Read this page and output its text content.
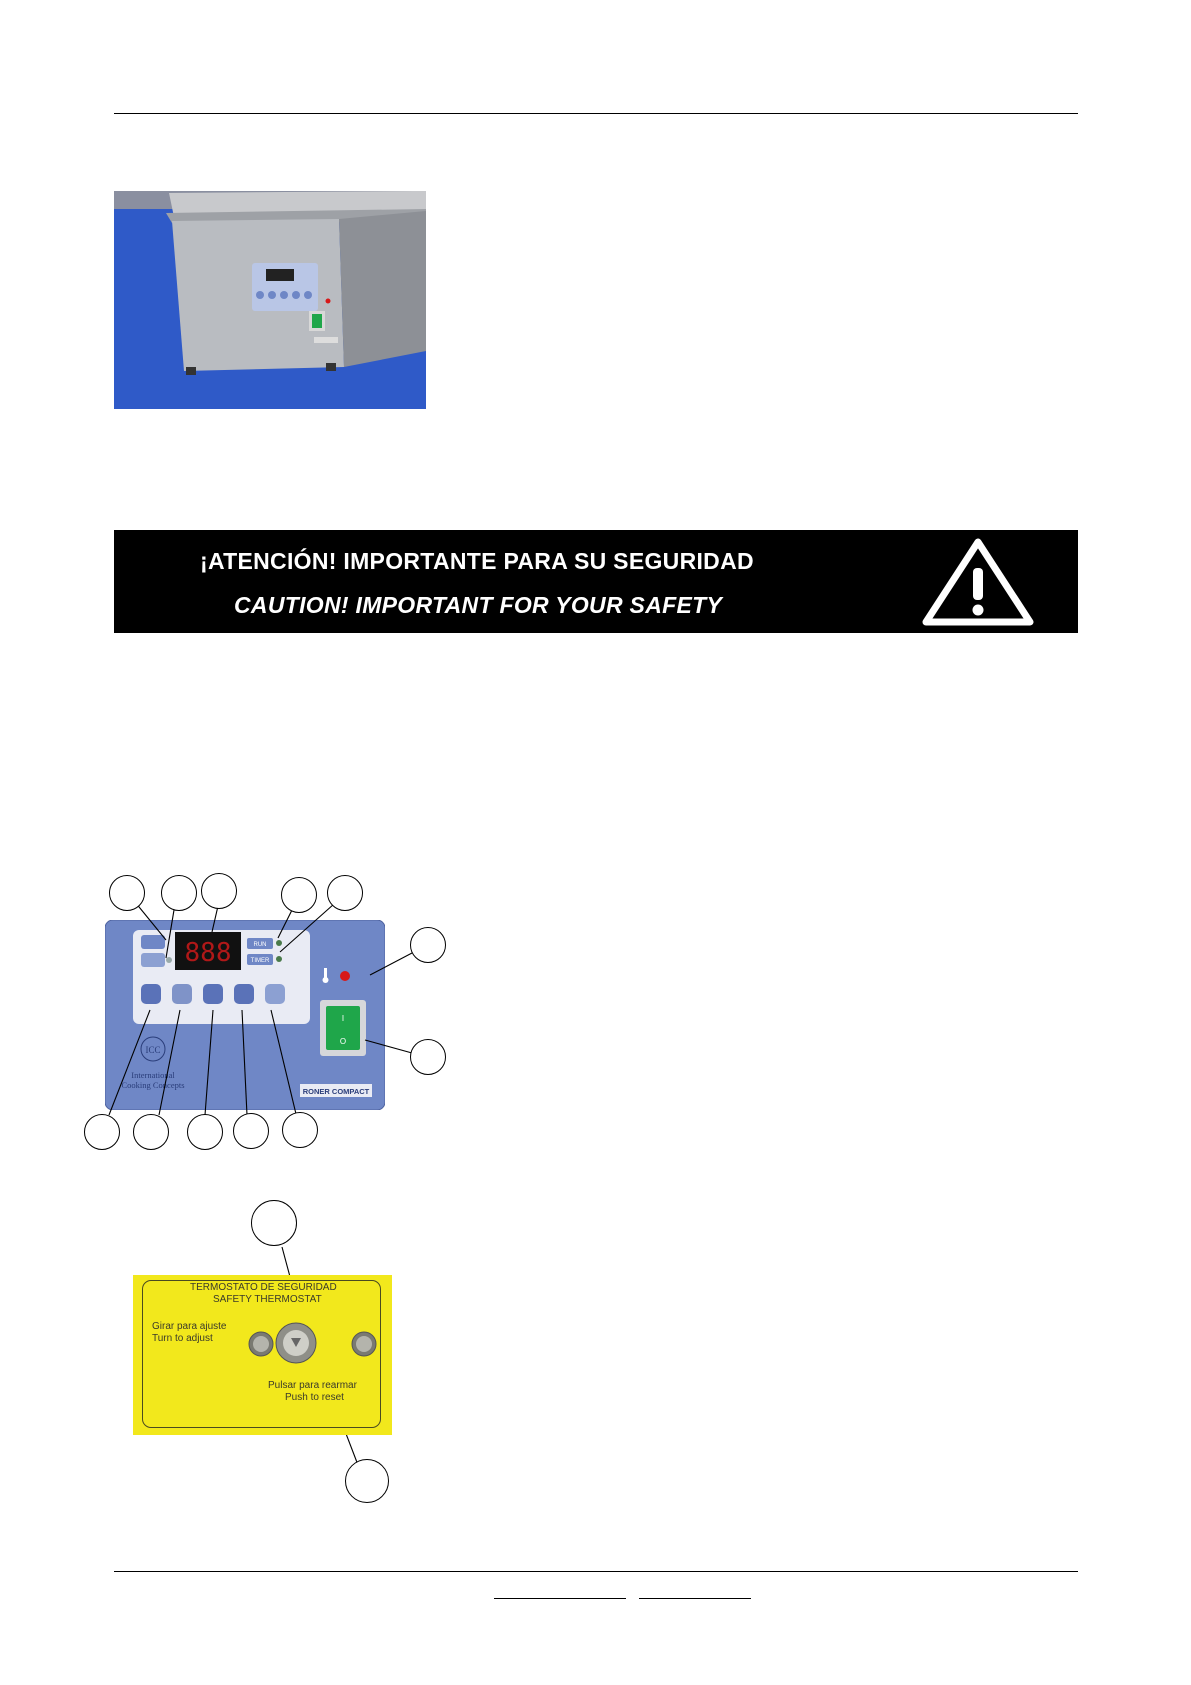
¡ATENCIÓN! IMPORTANTE PARA SU SEGURIDAD
CAUTION! IMPORTANT FOR YOUR SAFETY
888	RUN
TIMER
ICC
International
Cooking Concepts
RONER COMPACT
I
O
TERMOSTATO DE SEGURIDAD
SAFETY THERMOSTAT
Girar para ajuste
Turn to adjust
Pulsar para rearmar
Push to reset
